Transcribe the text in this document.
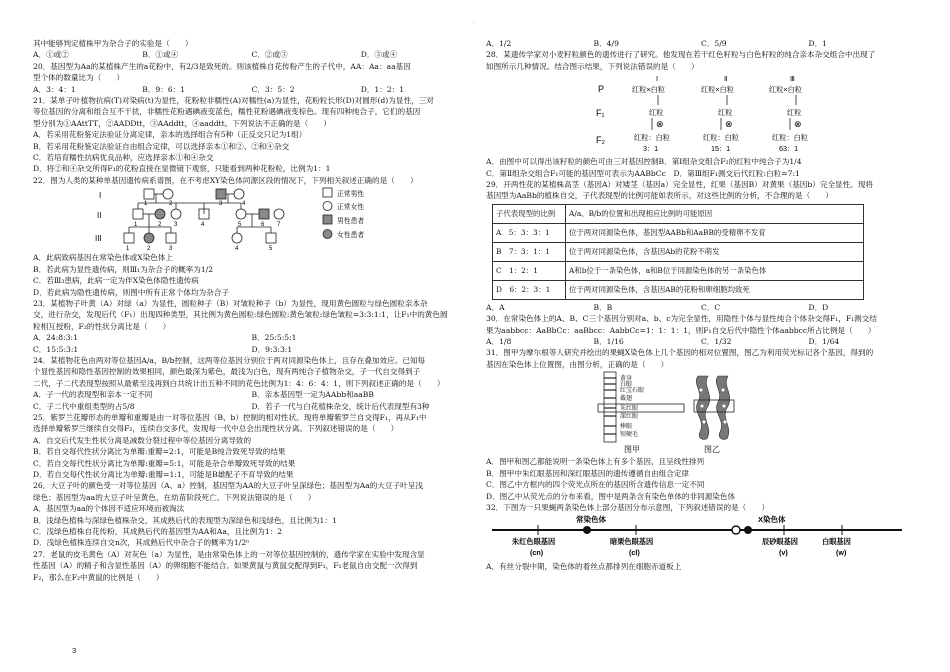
.
其中能够判定植株甲为杂合子的实验是（　　）
A．①或②	B．①或④	C．②或③	D．③或④
20．基因型为Aa的某植株产生的a花粉中，有2/3是致死的。则该植株自花传粉产生的子代中，AA：Aa：aa基因
型个体的数量比为（　　）
A．3：4：1	B．9：6：1	C．3：5：2	D．1：2：1
21．某单子叶植物抗病(T)对染病(t)为显性，花粉粒非糯性(A)对糯性(a)为显性，花粉粒长形(D)对圆形(d)为显性，三对
等位基因的分离和组合互不干扰，非糯性花粉遇碘液变蓝色，糯性花粉遇碘液变棕色。现有四种纯合子，它们的基因
型分别为①AAttTT，②AADDtt，③AAddtt，④aaddtt。下列说法不正确的是（　　）
A．若采用花粉鉴定法验证分离定律，亲本的选择组合有5种（正反交只记为1组）
B．若采用花粉鉴定法验证自由组合定律，可以选择亲本①和②、②和④杂交
C．若培育糯性抗病优良品种，应选择亲本①和④杂交
D．将②和④杂交所得F₁的花粉直接在显微镜下观察，只能看到两种花粉粒，比例为1：1
22．图为人类的某种单基因遗传病系谱图，在不考虑XY染色体同源区段的情况下，下列相关叙述正确的是（　　）
I
II
III
1	2	3	4
1	2 3	4	5	6 7
1	2	3	4	5
正常男性
正常女性
男性患者
女性患者
A．此病致病基因在常染色体或X染色体上
B．若此病为显性遗传病，则Ⅲ₁为杂合子的概率为1/2
C．若Ⅲ₃患病，此病一定为伴X染色体隐性遗传病
D．若此病为隐性遗传病，则图中所有正常个体均为杂合子
23．某植物子叶黄（A）对绿（a）为显性，圆粒种子（B）对皱粒种子（b）为显性，现用黄色圆粒与绿色圆粒亲本杂
交，进行杂交，发现后代（F₁）出现四种类型，其比例为黄色圆粒:绿色圆粒:黄色皱粒:绿色皱粒=3:3:1:1，让F₁中的黄色圆
粒相互授粉，F₂的性状分离比是（　　）
A．24:8:3:1	B．25:5:5:1
C．15:5:3:1	D．9:3:3:1
24．某植物花色由两对等位基因A/a，B/b控制，这两等位基因分别位于两对同源染色体上，且存在叠加效应。已知每
个显性基因和隐性基因控制的效果相同，颜色最深为紫色，最浅为白色，现有两纯合子植物杂交，子一代自交得到子
二代，子二代表现型按照从最紫至浅再到白共统计出五种不同的花色比例为1：4：6：4：1，则下列叙述正确的是（　　）
A．子一代的表现型和亲本一定不同	B．亲本基因型一定为AAbb和aaBB
C．子二代中重组类型的占5/8	D．若子一代与白花植株杂交，统计后代表现型有3种
25．紫罗兰花瓣形态的单瓣和重瓣是由一对等位基因（B、b）控制的相对性状。现将单瓣紫罗兰自交得F₁，再从F₁中
选择单瓣紫罗兰继续自交得F₂，连续自交多代，发现每一代中总会出现性状分离。下列叙述错误的是（　　）
A．自交后代发生性状分离是减数分裂过程中等位基因分离导致的
B．若自交每代性状分离比为单瓣:重瓣=2:1，可能是B纯合致死导致的结果
C．若自交每代性状分离比为单瓣:重瓣=5:1，可能是杂合单瓣致死导致的结果
D．若自交每代性状分离比为单瓣:重瓣=1:1，可能是B雄配子不育导致的结果
26．大豆子叶的颜色受一对等位基因（A、a）控制，基因型为AA的大豆子叶呈深绿色；基因型为Aa的大豆子叶呈浅
绿色；基因型为aa的大豆子叶呈黄色，在幼苗阶段死亡。下列说法错误的是（　　）
A．基因型为aa的个体因不适应环境而被淘汰
B．浅绿色植株与深绿色植株杂交，其成熟后代的表现型为深绿色和浅绿色，且比例为1：1
C．浅绿色植株自花传粉，其成熟后代的基因型为AA和Aa，且比例为1：2
D．浅绿色植株连续自交n次，其成熟后代中杂合子的概率为1/2ⁿ
27．老鼠的皮毛黄色（A）对灰色（a）为显性，是由常染色体上的一对等位基因控制的，遗传学家在实验中发现含显
性基因（A）的精子和含显性基因（A）的卵细胞不能结合。如果黄鼠与黄鼠交配得到F₁，F₁老鼠自由交配一次得到
F₂，那么在F₂中黄鼠的比例是（　　）
A．1/2	B．4/9	C．5/9	D．1
28．某遗传学家对小麦籽粒颜色的遗传进行了研究。他发现在若干红色籽粒与白色籽粒的纯合亲本杂交组合中出现了
如图所示几种情况。结合图示结果，下列说法错误的是（　　）
P
F₁
F₂
Ⅰ
红粒×白粒
红粒
⊗
红粒：白粒
3：1
Ⅱ
红粒×白粒
红粒
⊗
红粒：白粒
15：1
Ⅲ
红粒×白粒
红粒
⊗
红粒：白粒
63：1
A．由图中可以得出该籽粒的颜色可由三对基因控制B．第Ⅰ组杂交组合F₂的红粒中纯合子为1/4
C．第Ⅱ组杂交组合F₁可能的基因型可表示为AABbCc　D．第Ⅲ组F₁测交后代红粒:白粒=7:1
29．开两性花的某植株高茎（基因A）对矮茎（基因a）完全显性，红果（基因B）对黄果（基因b）完全显性。现将
基因型为AaBb的植株自交，子代表现型的比例可能如表所示，对这些比例的分析，不合理的是（　　）
子代表现型的比例	A/a、B/b的位置和出现相应比例的可能原因
A　5：3：3：1	位于两对同源染色体，基因型AABb和AaBB的受精卵不发育
B　7：3：1：1	位于两对同源染色体，含基因Ab的花粉不萌发
C　1：2：1	A和b位于一条染色体，a和B位于同源染色体的另一条染色体
D　6：2：3：1	位于两对同源染色体，含基因AB的花粉和卵细胞均致死
A．A	B．B	C．C	D．D
30．在常染色体上的A、B、C三个基因分别对a、b、c为完全显性，用隐性个体与显性纯合个体杂交得F₁，F₁测交结
果为aabbcc：AaBbCc：aaBbcc：AabbCc=1：1：1：1，则F₁自交后代中隐性个体aabbcc所占比例是（　　）
A．1/8	B．1/16	C．1/32	D．1/64
31．图甲为摩尔根等人研究并绘出的果蝇X染色体上几个基因的相对位置图，图乙为利用荧光标记各个基因，得到的
基因在染色体上位置图，由图分析，正确的是（　　）
黄身
白眼
红宝石眼
截翅
朱红眼
深红眼
棒眼
短硬毛
图甲	图乙
A．图甲和图乙都能说明一条染色体上有多个基因，且呈线性排列
B．图甲中朱红眼基因和深红眼基因的遗传遵循自由组合定律
C．图乙中方框内的四个荧光点所在的基因所含遗传信息一定不同
D．图乙中从荧光点的分布来看，图中是两条含有染色单体的非同源染色体
32．下图为一只果蝇两条染色体上部分基因分布示意图，下列叙述错误的是（　　）
常染色体	X染色体
朱红色眼基因
(cn)
暗栗色眼基因
(cl)
辰砂眼基因
(v)
白眼基因
(w)
A．有丝分裂中期，染色体的着丝点都排列在细胞赤道板上
3
